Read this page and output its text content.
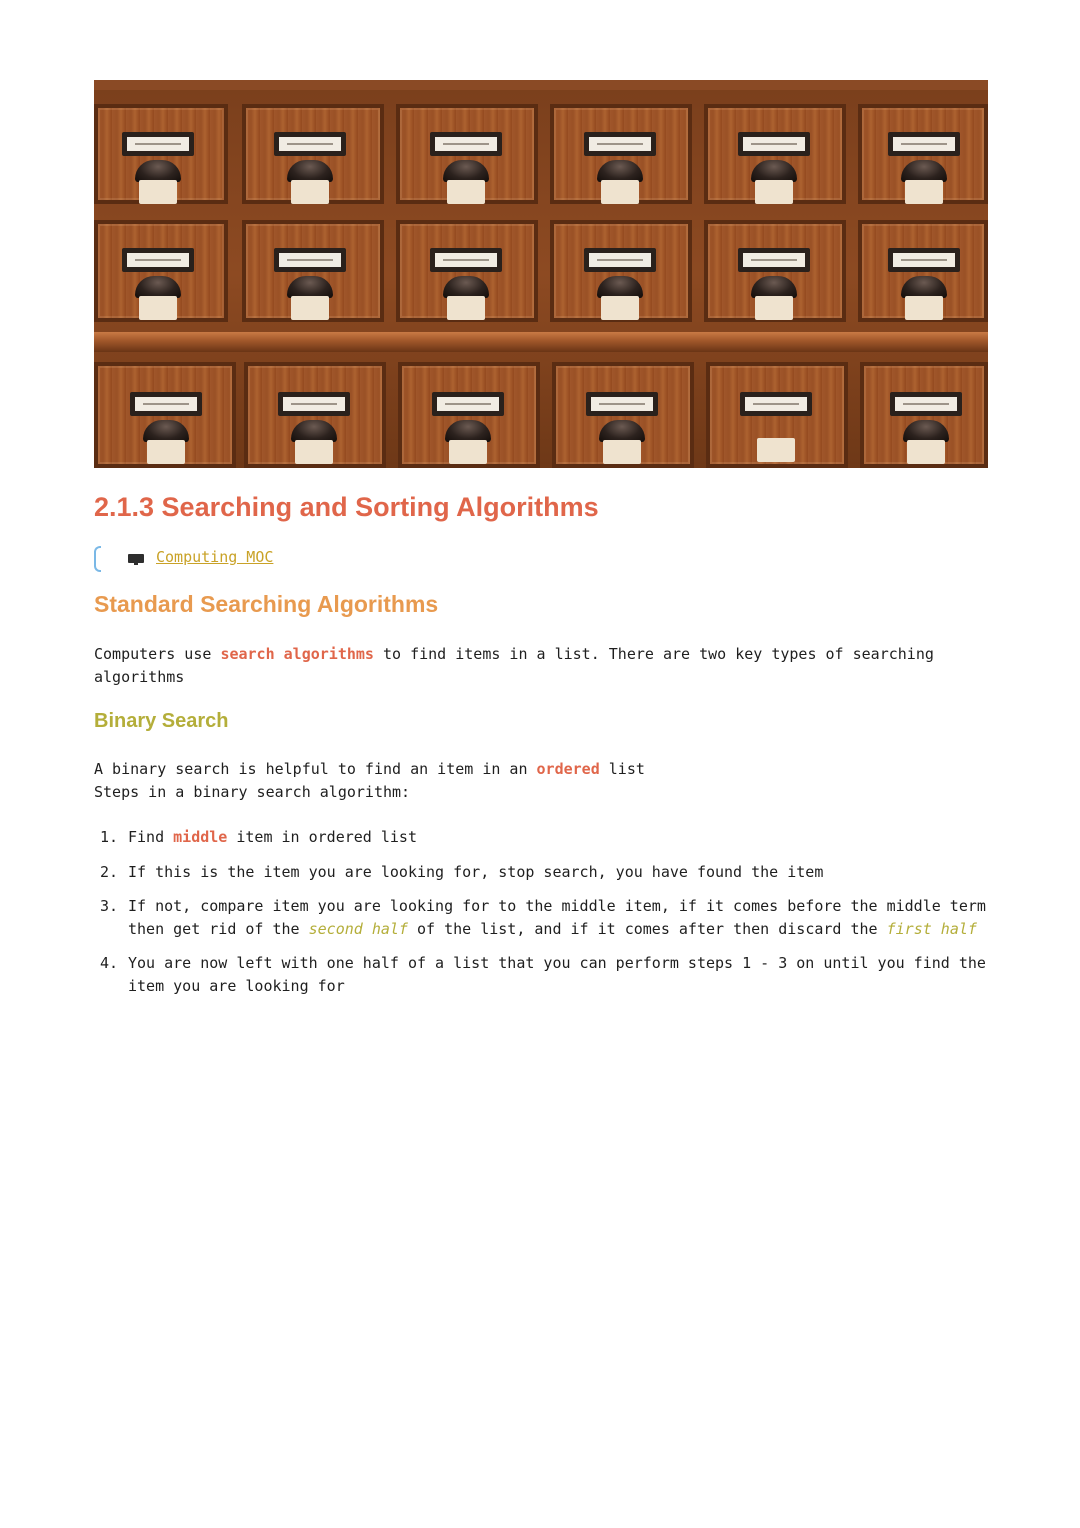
2.1.3 Searching and Sorting Algorithms
Computing MOC
Standard Searching Algorithms
Computers use search algorithms to find items in a list. There are two key types of searching
algorithms
Binary Search
A binary search is helpful to find an item in an ordered list
Steps in a binary search algorithm:
1. Find middle item in ordered list
2. If this is the item you are looking for, stop search, you have found the item
3. If not, compare item you are looking for to the middle item, if it comes before the middle term
then get rid of the second half of the list, and if it comes after then discard the first half
4. You are now left with one half of a list that you can perform steps 1 - 3 on until you find the
item you are looking for
